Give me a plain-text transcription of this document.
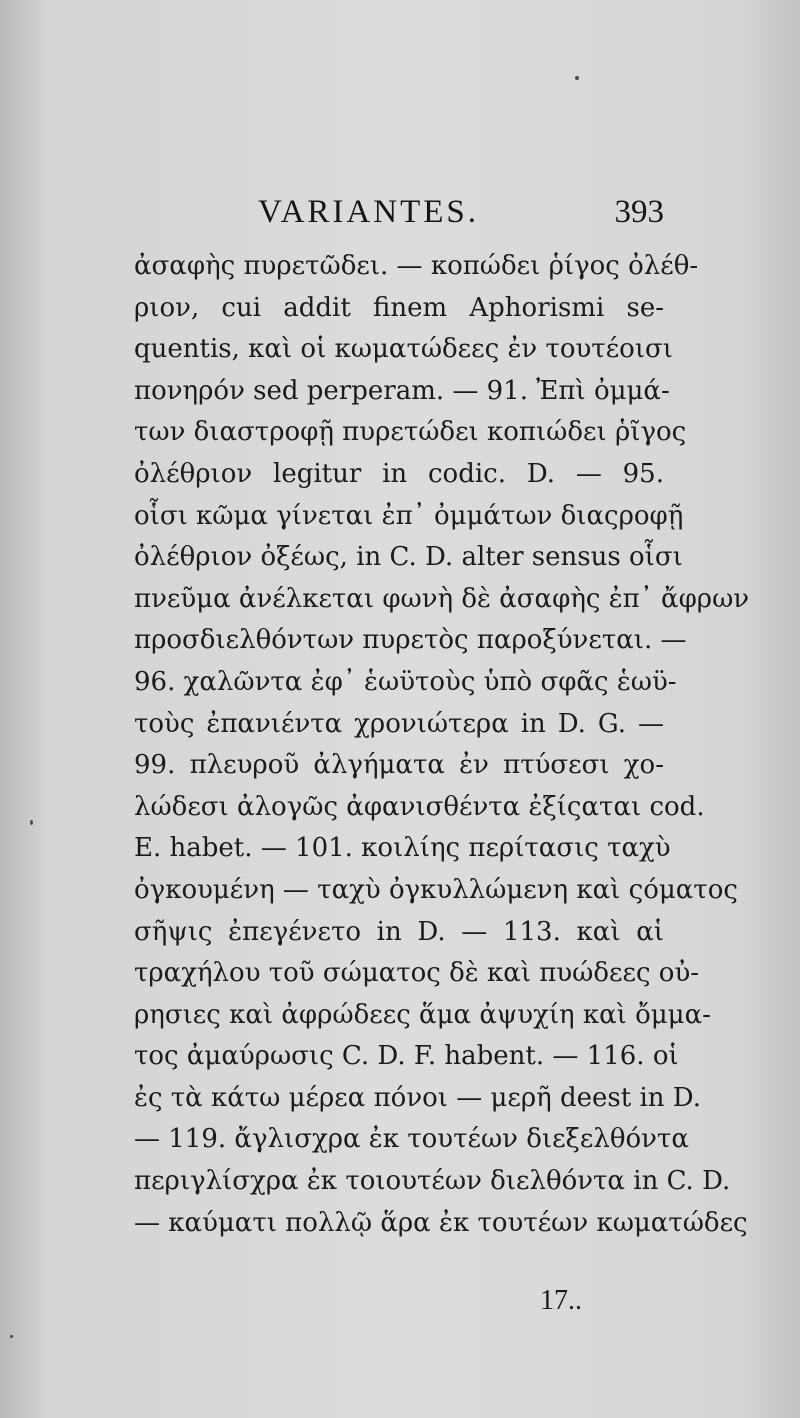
VARIANTES.	393
ἀσαφὴς πυρετῶδει. — κοπώδει ῥίγος ὀλέθ-
ριον, cui addit finem Aphorismi se-
quentis, καὶ οἱ κωματώδεες ἐν τουτέοισι
πονηρόν sed perperam. — 91. Ἐπὶ ὀμμά-
των διαστροφῇ πυρετώδει κοπιώδει ῥῖγος
ὀλέθριον legitur in codic. D. — 95.
οἷσι κῶμα γίνεται ἐπ᾽ ὀμμάτων διαςροφῇ
ὀλέθριον ὀξέως, in C. D. alter sensus οἷσι
πνεῦμα ἀνέλκεται φωνὴ δὲ ἀσαφὴς ἐπ᾽ ἄφρων
προσδιελθόντων πυρετὸς παροξύνεται. —
96. χαλῶντα ἐφ᾽ ἑωϋτοὺς ὑπὸ σφᾶς ἑωϋ-
τοὺς ἐπανιέντα χρονιώτερα in D. G. —
99. πλευροῦ ἀλγήματα ἐν πτύσεσι χο-
λώδεσι ἀλογῶς ἀφανισθέντα ἐξίςαται cod.
E. habet. — 101. κοιλίης περίτασις ταχὺ
ὀγκουμένη — ταχὺ ὀγκυλλώμενη καὶ ςόματος
σῆψις ἐπεγένετο in D. — 113. καὶ αἱ
τραχήλου τοῦ σώματος δὲ καὶ πυώδεες οὐ-
ρησιες καὶ ἀφρώδεες ἅμα ἀψυχίη καὶ ὄμμα-
τος ἀμαύρωσις C. D. F. habent. — 116. οἱ
ἐς τὰ κάτω μέρεα πόνοι — μερῆ deest in D.
— 119. ἄγλισχρα ἐκ τουτέων διεξελθόντα
περιγλίσχρα ἐκ τοιουτέων διελθόντα in C. D.
— καύματι πολλῷ ἅρα ἐκ τουτέων κωματώδες
17..
